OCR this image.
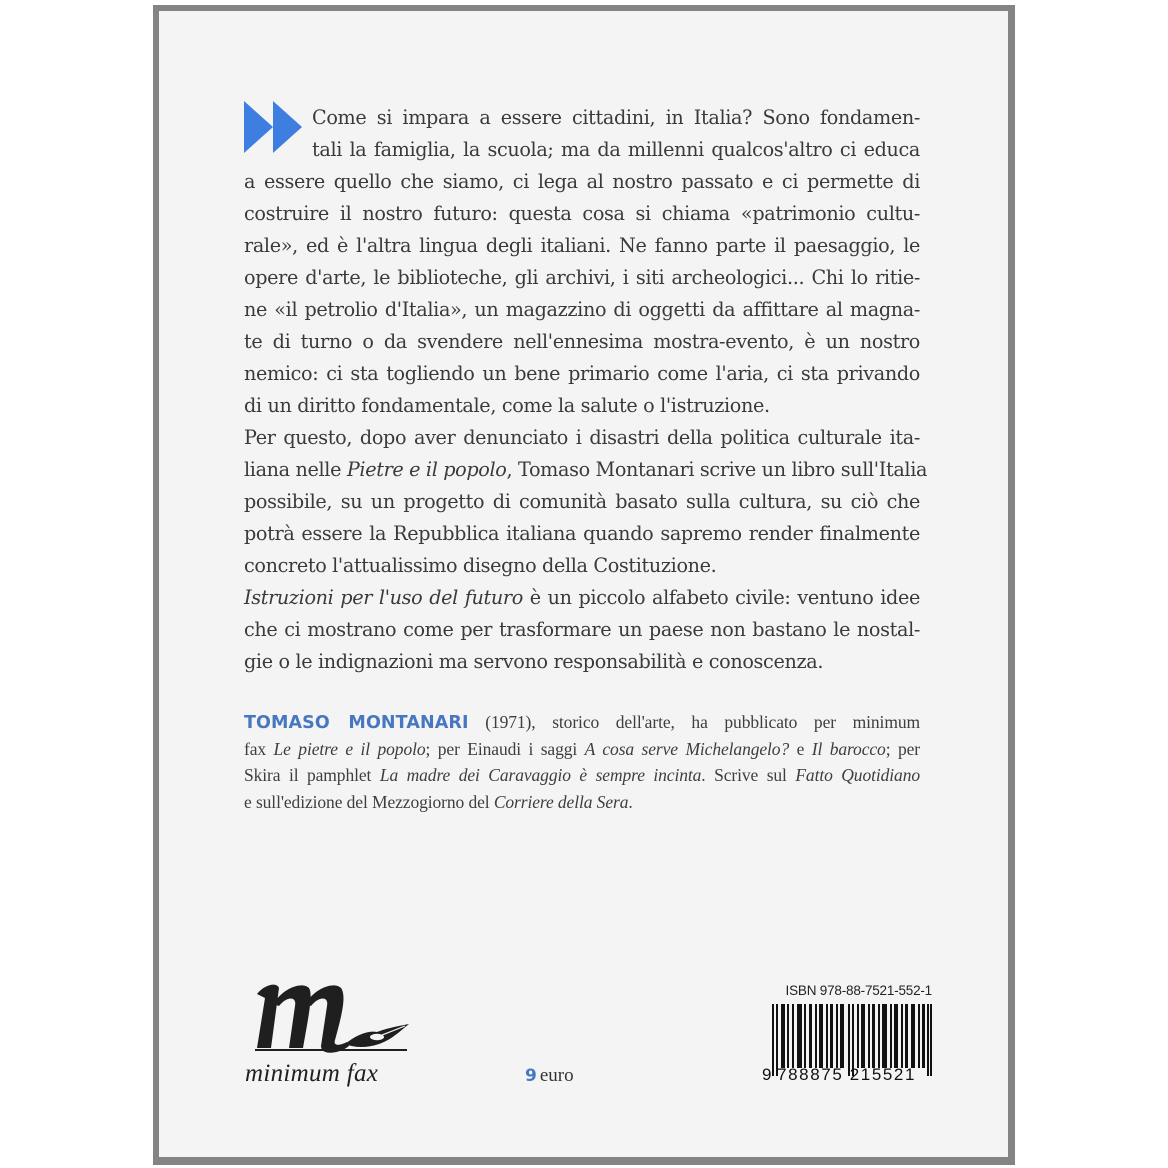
Come si impara a essere cittadini, in Italia? Sono fondamen-
tali la famiglia, la scuola; ma da millenni qualcos'altro ci educa
a essere quello che siamo, ci lega al nostro passato e ci permette di
costruire il nostro futuro: questa cosa si chiama «patrimonio cultu-
rale», ed è l'altra lingua degli italiani. Ne fanno parte il paesaggio, le
opere d'arte, le biblioteche, gli archivi, i siti archeologici... Chi lo ritie-
ne «il petrolio d'Italia», un magazzino di oggetti da affittare al magna-
te di turno o da svendere nell'ennesima mostra-evento, è un nostro
nemico: ci sta togliendo un bene primario come l'aria, ci sta privando
di un diritto fondamentale, come la salute o l'istruzione.
Per questo, dopo aver denunciato i disastri della politica culturale ita-
liana nelle Pietre e il popolo, Tomaso Montanari scrive un libro sull'Italia
possibile, su un progetto di comunità basato sulla cultura, su ciò che
potrà essere la Repubblica italiana quando sapremo render finalmente
concreto l'attualissimo disegno della Costituzione.
Istruzioni per l'uso del futuro è un piccolo alfabeto civile: ventuno idee
che ci mostrano come per trasformare un paese non bastano le nostal-
gie o le indignazioni ma servono responsabilità e conoscenza.
TOMASO MONTANARI (1971), storico dell'arte, ha pubblicato per minimum
fax Le pietre e il popolo; per Einaudi i saggi A cosa serve Michelangelo? e Il barocco; per
Skira il pamphlet La madre dei Caravaggio è sempre incinta. Scrive sul Fatto Quotidiano
e sull'edizione del Mezzogiorno del Corriere della Sera.
minimum fax	9 euro
ISBN 978-88-7521-552-1
9 788875 215521
